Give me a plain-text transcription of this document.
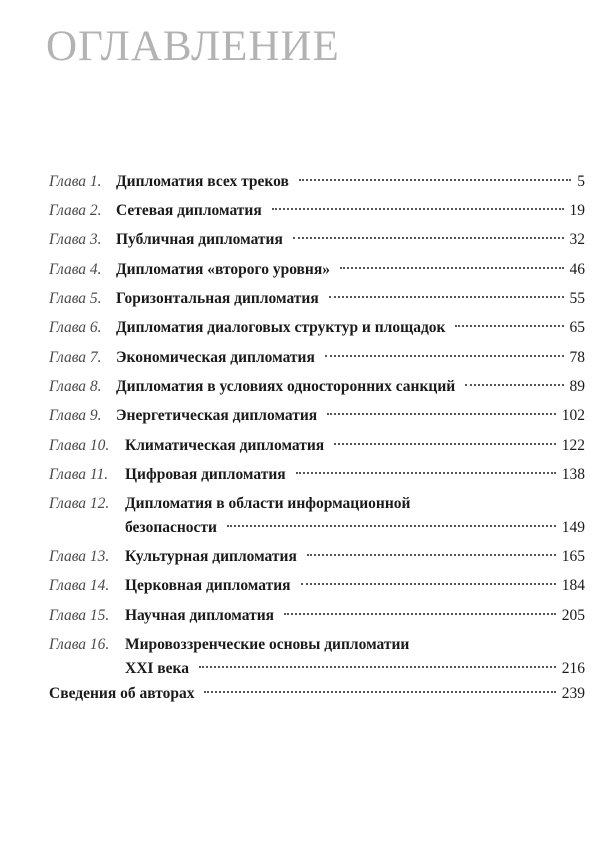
ОГЛАВЛЕНИЕ
Глава 1. Дипломатия всех треков	5
Глава 2. Сетевая дипломатия	19
Глава 3. Публичная дипломатия	32
Глава 4. Дипломатия «второго уровня»	46
Глава 5. Горизонтальная дипломатия	55
Глава 6. Дипломатия диалоговых структур и площадок	65
Глава 7. Экономическая дипломатия	78
Глава 8. Дипломатия в условиях односторонних санкций	89
Глава 9. Энергетическая дипломатия	102
Глава 10.	Климатическая дипломатия	122
Глава 11.	Цифровая дипломатия	138
Глава 12.	Дипломатия в области информационной
безопасности	149
Глава 13.	Культурная дипломатия	165
Глава 14.	Церковная дипломатия	184
Глава 15.	Научная дипломатия	205
Глава 16.	Мировоззренческие основы дипломатии
XXI века	216
Сведения об авторах	239
